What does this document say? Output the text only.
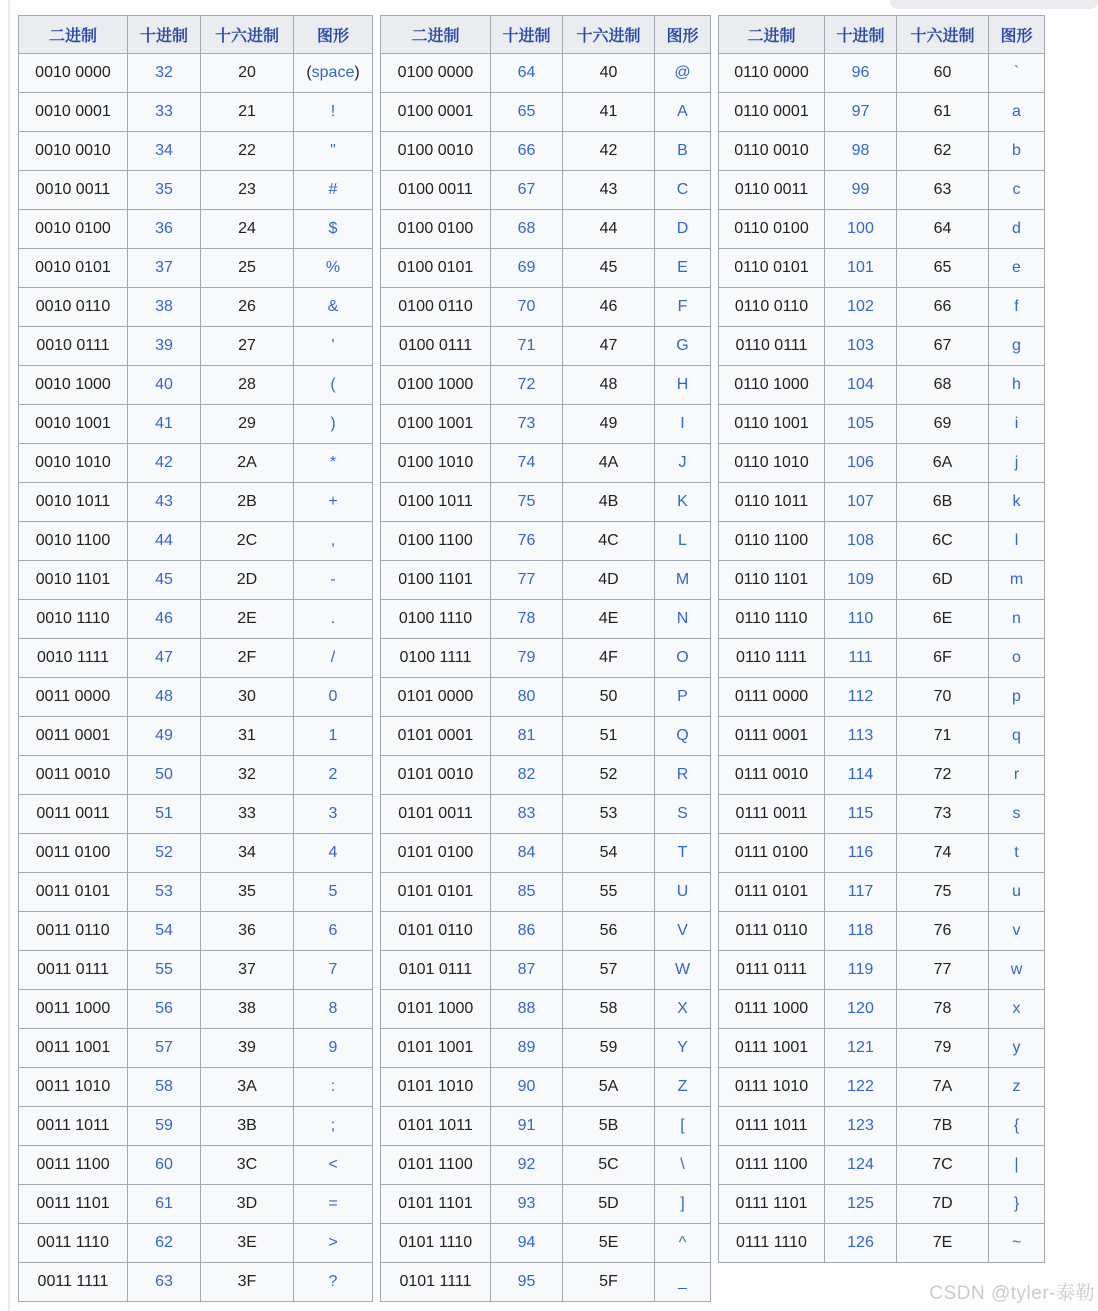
二进制	十进制	十六进制	图形
0010 0000	32	20	(space)
0010 0001	33	21	!
0010 0010	34	22	"
0010 0011	35	23	#
0010 0100	36	24	$
0010 0101	37	25	%
0010 0110	38	26	&
0010 0111	39	27	'
0010 1000	40	28	(
0010 1001	41	29	)
0010 1010	42	2A	*
0010 1011	43	2B	+
0010 1100	44	2C	,
0010 1101	45	2D	-
0010 1110	46	2E	.
0010 1111	47	2F	/
0011 0000	48	30	0
0011 0001	49	31	1
0011 0010	50	32	2
0011 0011	51	33	3
0011 0100	52	34	4
0011 0101	53	35	5
0011 0110	54	36	6
0011 0111	55	37	7
0011 1000	56	38	8
0011 1001	57	39	9
0011 1010	58	3A	:
0011 1011	59	3B	;
0011 1100	60	3C	<
0011 1101	61	3D	=
0011 1110	62	3E	>
0011 1111	63	3F	?
二进制	十进制	十六进制	图形
0100 0000	64	40	@
0100 0001	65	41	A
0100 0010	66	42	B
0100 0011	67	43	C
0100 0100	68	44	D
0100 0101	69	45	E
0100 0110	70	46	F
0100 0111	71	47	G
0100 1000	72	48	H
0100 1001	73	49	I
0100 1010	74	4A	J
0100 1011	75	4B	K
0100 1100	76	4C	L
0100 1101	77	4D	M
0100 1110	78	4E	N
0100 1111	79	4F	O
0101 0000	80	50	P
0101 0001	81	51	Q
0101 0010	82	52	R
0101 0011	83	53	S
0101 0100	84	54	T
0101 0101	85	55	U
0101 0110	86	56	V
0101 0111	87	57	W
0101 1000	88	58	X
0101 1001	89	59	Y
0101 1010	90	5A	Z
0101 1011	91	5B	[
0101 1100	92	5C	\
0101 1101	93	5D	]
0101 1110	94	5E	^
0101 1111	95	5F	_
二进制	十进制	十六进制	图形
0110 0000	96	60	`
0110 0001	97	61	a
0110 0010	98	62	b
0110 0011	99	63	c
0110 0100	100	64	d
0110 0101	101	65	e
0110 0110	102	66	f
0110 0111	103	67	g
0110 1000	104	68	h
0110 1001	105	69	i
0110 1010	106	6A	j
0110 1011	107	6B	k
0110 1100	108	6C	l
0110 1101	109	6D	m
0110 1110	110	6E	n
0110 1111	111	6F	o
0111 0000	112	70	p
0111 0001	113	71	q
0111 0010	114	72	r
0111 0011	115	73	s
0111 0100	116	74	t
0111 0101	117	75	u
0111 0110	118	76	v
0111 0111	119	77	w
0111 1000	120	78	x
0111 1001	121	79	y
0111 1010	122	7A	z
0111 1011	123	7B	{
0111 1100	124	7C	|
0111 1101	125	7D	}
0111 1110	126	7E	~
CSDN @tyler-泰勒
